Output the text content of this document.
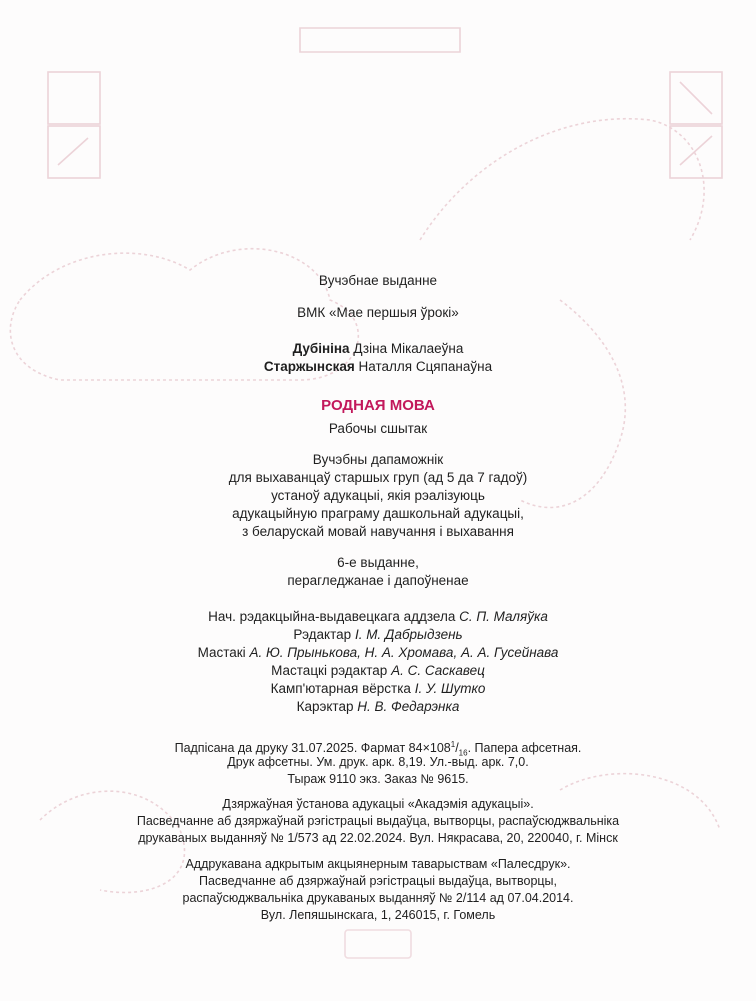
Вучэбнае выданне
ВМК «Мае першыя ўрокі»
Дубініна Дзіна Мікалаеўна
Старжынская Наталля Сцяпанаўна
РОДНАЯ МОВА
Рабочы сшытак
Вучэбны дапаможнік
для выхаванцаў старшых груп (ад 5 да 7 гадоў)
устаноў адукацыі, якія рэалізуюць
адукацыйную праграму дашкольнай адукацыі,
з беларускай мовай навучання і выхавання
6-е выданне,
перагледжанае і дапоўненае
Нач. рэдакцыйна-выдавецкага аддзела С. П. Маляўка
Рэдактар І. М. Дабрыдзень
Мастакі А. Ю. Прынькова, Н. А. Хромава, А. А. Гусейнава
Мастацкі рэдактар А. С. Саскавец
Камп'ютарная вёрстка І. У. Шутко
Карэктар Н. В. Федарэнка
Падпісана да друку 31.07.2025. Фармат $84\times 108^1/_{16}$. Папера афсетная.
Друк афсетны. Ум. друк. арк. 8,19. Ул.-выд. арк. 7,0.
Тыраж 9110 экз. Заказ № 9615.
Дзяржаўная ўстанова адукацыі «Акадэмія адукацыі».
Пасведчанне аб дзяржаўнай рэгістрацыі выдаўца, вытворцы, распаўсюджвальніка
друкаваных выданняў № 1/573 ад 22.02.2024. Вул. Някрасава, 20, 220040, г. Мінск
Аддрукавана адкрытым акцыянерным таварыствам «Палесдрук».
Пасведчанне аб дзяржаўнай рэгістрацыі выдаўца, вытворцы,
распаўсюджвальніка друкаваных выданняў № 2/114 ад 07.04.2014.
Вул. Лепяшынскага, 1, 246015, г. Гомель
